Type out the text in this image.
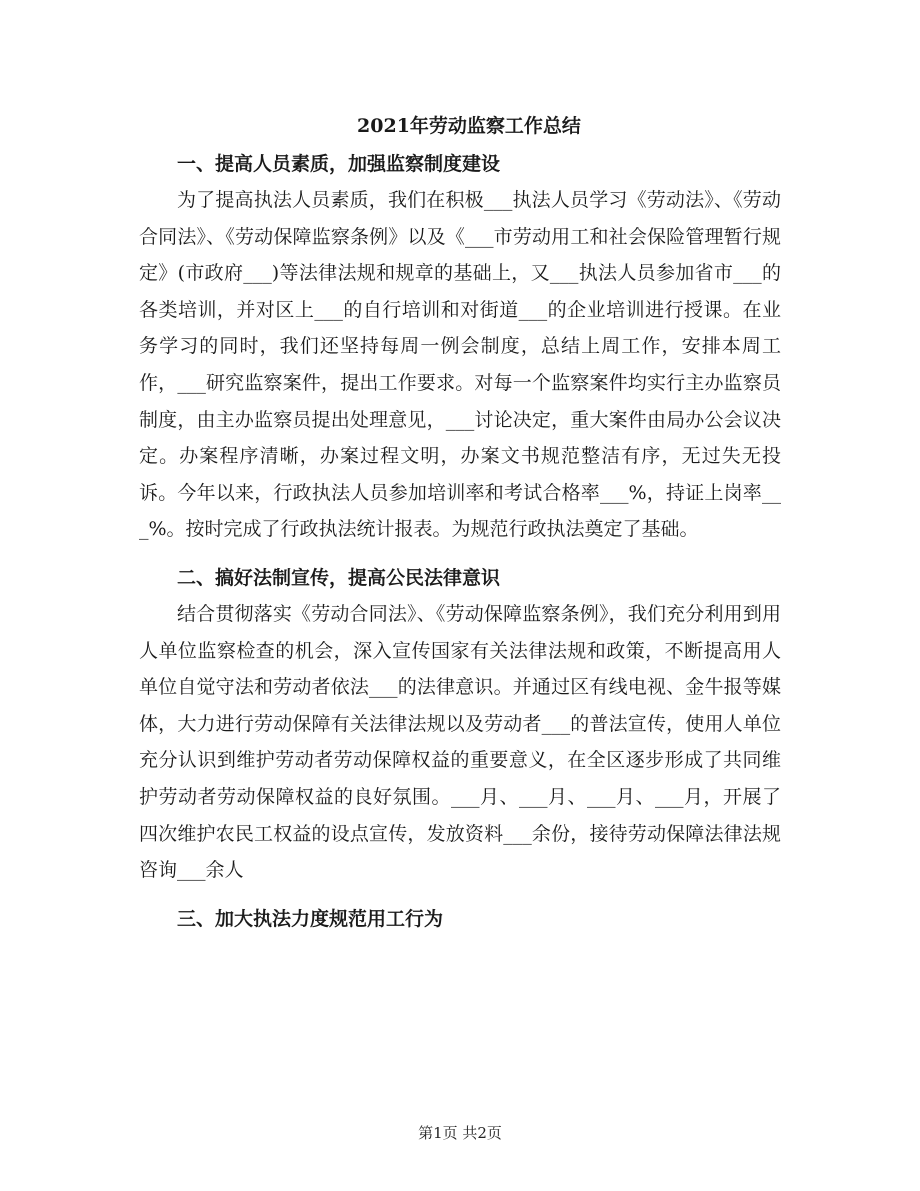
2021年劳动监察工作总结
一、提高人员素质，加强监察制度建设

为了提高执法人员素质，我们在积极___执法人员学习《劳动法》、《劳动合同法》、《劳动保障监察条例》以及《___市劳动用工和社会保险管理暂行规定》(市政府___)等法律法规和规章的基础上，又___执法人员参加省市___的各类培训，并对区上___的自行培训和对街道___的企业培训进行授课。在业务学习的同时，我们还坚持每周一例会制度，总结上周工作，安排本周工作，___研究监察案件，提出工作要求。对每一个监察案件均实行主办监察员制度，由主办监察员提出处理意见，___讨论决定，重大案件由局办公会议决定。办案程序清晰，办案过程文明，办案文书规范整洁有序，无过失无投诉。今年以来，行政执法人员参加培训率和考试合格率___%，持证上岗率___%。按时完成了行政执法统计报表。为规范行政执法奠定了基础。

二、搞好法制宣传，提高公民法律意识

结合贯彻落实《劳动合同法》、《劳动保障监察条例》，我们充分利用到用人单位监察检查的机会，深入宣传国家有关法律法规和政策，不断提高用人单位自觉守法和劳动者依法___的法律意识。并通过区有线电视、金牛报等媒体，大力进行劳动保障有关法律法规以及劳动者___的普法宣传，使用人单位充分认识到维护劳动者劳动保障权益的重要意义，在全区逐步形成了共同维护劳动者劳动保障权益的良好氛围。___月、___月、___月、___月，开展了四次维护农民工权益的设点宣传，发放资料___余份，接待劳动保障法律法规咨询___余人

三、加大执法力度规范用工行为
第1页 共2页
